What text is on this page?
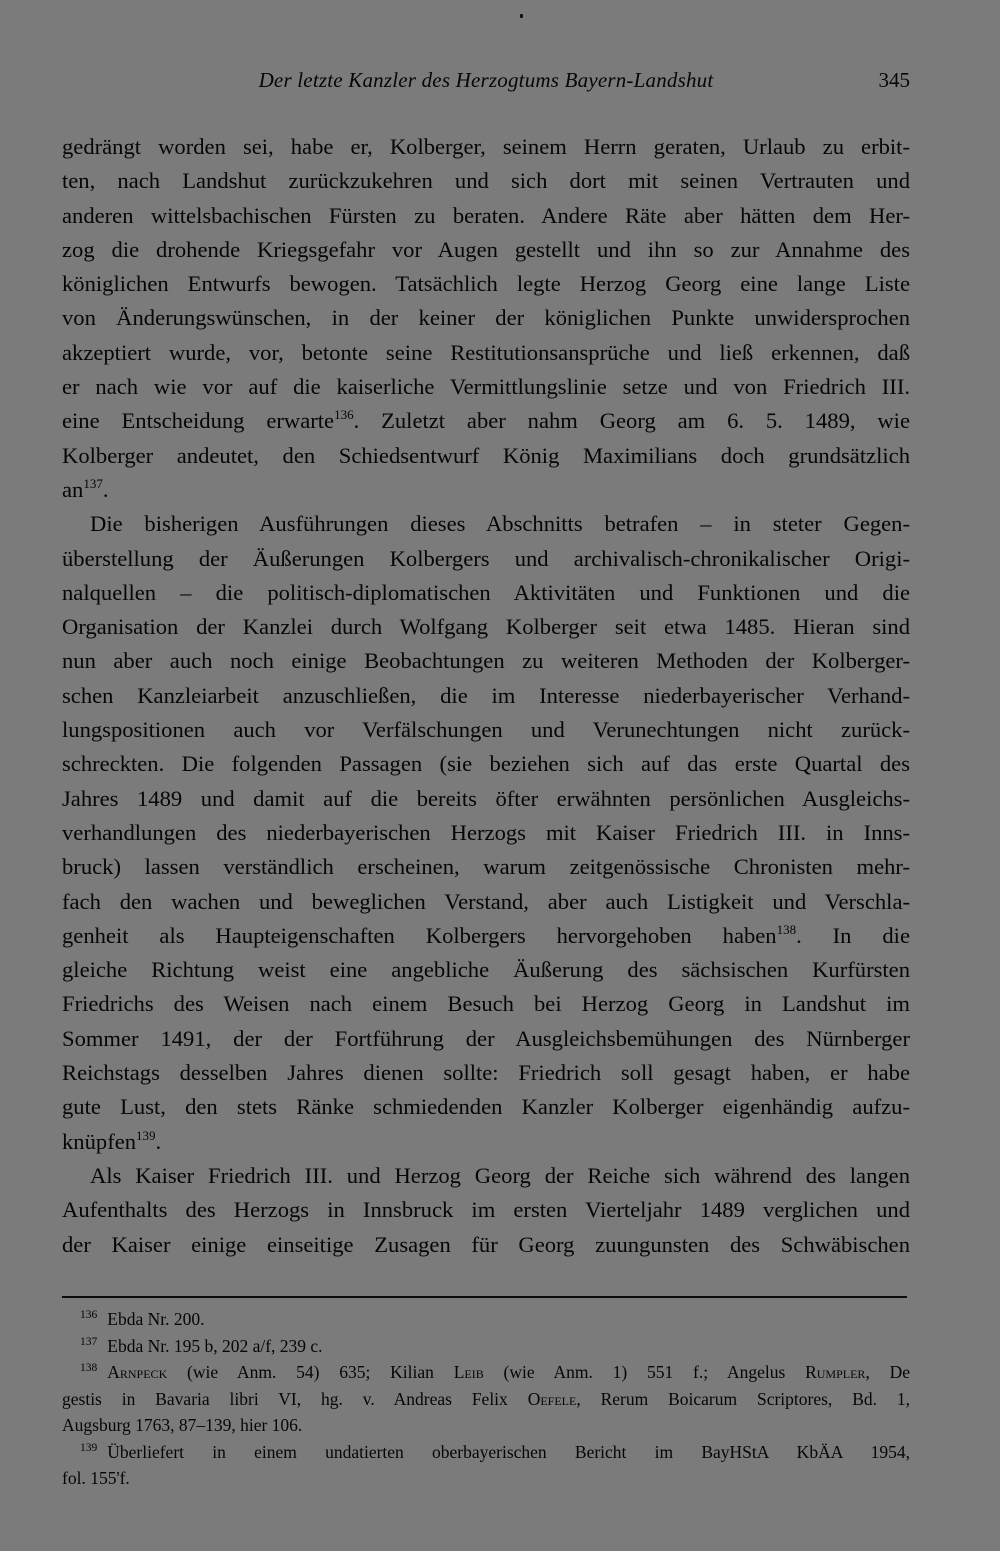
Der letzte Kanzler des Herzogtums Bayern-Landshut	345
gedrängt worden sei, habe er, Kolberger, seinem Herrn geraten, Urlaub zu erbit-
ten, nach Landshut zurückzukehren und sich dort mit seinen Vertrauten und
anderen wittelsbachischen Fürsten zu beraten. Andere Räte aber hätten dem Her-
zog die drohende Kriegsgefahr vor Augen gestellt und ihn so zur Annahme des
königlichen Entwurfs bewogen. Tatsächlich legte Herzog Georg eine lange Liste
von Änderungswünschen, in der keiner der königlichen Punkte unwidersprochen
akzeptiert wurde, vor, betonte seine Restitutionsansprüche und ließ erkennen, daß
er nach wie vor auf die kaiserliche Vermittlungslinie setze und von Friedrich III.
eine Entscheidung erwarte$^{136}$. Zuletzt aber nahm Georg am 6. 5. 1489, wie
Kolberger andeutet, den Schiedsentwurf König Maximilians doch grundsätzlich
an$^{137}$.
Die bisherigen Ausführungen dieses Abschnitts betrafen – in steter Gegen-
überstellung der Äußerungen Kolbergers und archivalisch-chronikalischer Origi-
nalquellen – die politisch-diplomatischen Aktivitäten und Funktionen und die
Organisation der Kanzlei durch Wolfgang Kolberger seit etwa 1485. Hieran sind
nun aber auch noch einige Beobachtungen zu weiteren Methoden der Kolberger-
schen Kanzleiarbeit anzuschließen, die im Interesse niederbayerischer Verhand-
lungspositionen auch vor Verfälschungen und Verunechtungen nicht zurück-
schreckten. Die folgenden Passagen (sie beziehen sich auf das erste Quartal des
Jahres 1489 und damit auf die bereits öfter erwähnten persönlichen Ausgleichs-
verhandlungen des niederbayerischen Herzogs mit Kaiser Friedrich III. in Inns-
bruck) lassen verständlich erscheinen, warum zeitgenössische Chronisten mehr-
fach den wachen und beweglichen Verstand, aber auch Listigkeit und Verschla-
genheit als Haupteigenschaften Kolbergers hervorgehoben haben$^{138}$. In die
gleiche Richtung weist eine angebliche Äußerung des sächsischen Kurfürsten
Friedrichs des Weisen nach einem Besuch bei Herzog Georg in Landshut im
Sommer 1491, der der Fortführung der Ausgleichsbemühungen des Nürnberger
Reichstags desselben Jahres dienen sollte: Friedrich soll gesagt haben, er habe
gute Lust, den stets Ränke schmiedenden Kanzler Kolberger eigenhändig aufzu-
knüpfen$^{139}$.
Als Kaiser Friedrich III. und Herzog Georg der Reiche sich während des langen
Aufenthalts des Herzogs in Innsbruck im ersten Vierteljahr 1489 verglichen und
der Kaiser einige einseitige Zusagen für Georg zuungunsten des Schwäbischen
$^{136}$ Ebda Nr. 200.
$^{137}$ Ebda Nr. 195 b, 202 a/f, 239 c.
$^{138}$ Arnpeck (wie Anm. 54) 635; Kilian Leib (wie Anm. 1) 551 f.; Angelus Rumpler, De
gestis in Bavaria libri VI, hg. v. Andreas Felix Oefele, Rerum Boicarum Scriptores, Bd. 1,
Augsburg 1763, 87–139, hier 106.
$^{139}$ Überliefert in einem undatierten oberbayerischen Bericht im BayHStA KbÄA 1954,
fol. 155'f.
